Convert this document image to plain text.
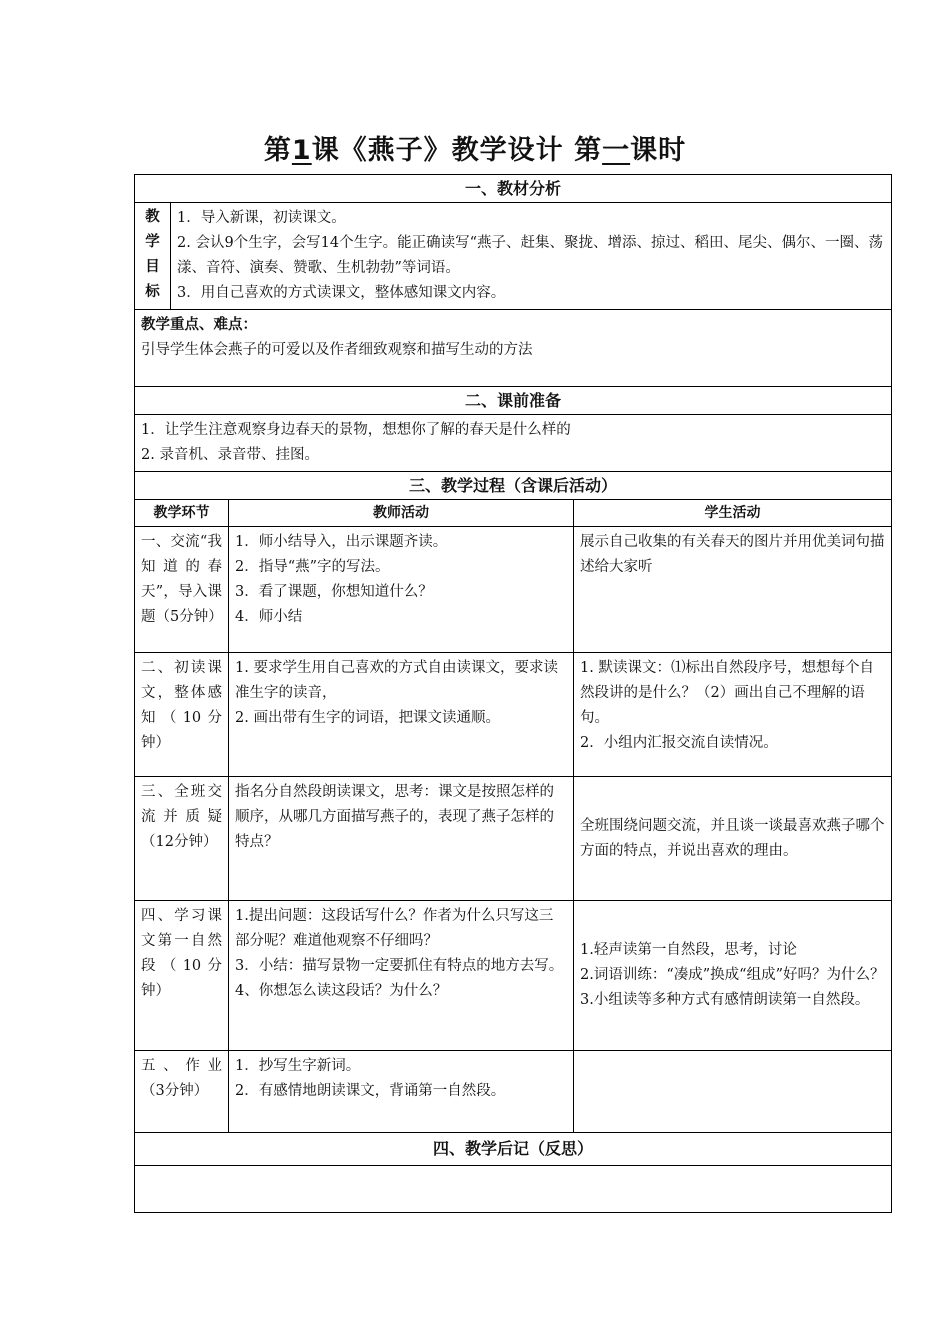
第1课《燕子》教学设计 第一课时
一、教材分析			

教
学
目
标	1．导入新课，初读课文。
2. 会认9个生字，会写14个生字。能正确读写“燕子、赶集、聚拢、增添、掠过、稻田、尾尖、偶尔、一圈、荡漾、音符、演奏、赞歌、生机勃勃”等词语。
3．用自己喜欢的方式读课文，整体感知课文内容。		

教学重点、难点：
引导学生体会燕子的可爱以及作者细致观察和描写生动的方法			

二、课前准备			

1．让学生注意观察身边春天的景物，想想你了解的春天是什么样的
2. 录音机、录音带、挂图。			

三、教学过程（含课后活动）			
教学环节		教师活动	学生活动
一、交流“我知道的春天”，导入课题（5分钟）		1．师小结导入，出示课题齐读。
2．指导“燕”字的写法。
3．看了课题，你想知道什么？
4．师小结	展示自己收集的有关春天的图片并用优美词句描述给大家听

二、初读课文，整体感知（10分钟）		1. 要求学生用自己喜欢的方式自由读课文，要求读准生字的读音，
2. 画出带有生字的词语，把课文读通顺。	1. 默读课文：⑴标出自然段序号，想想每个自然段讲的是什么？（2）画出自己不理解的语句。
2．小组内汇报交流自读情况。

三、全班交流并质疑（12分钟）		指名分自然段朗读课文，思考：课文是按照怎样的顺序，从哪几方面描写燕子的，表现了燕子怎样的特点？	全班围绕问题交流，并且谈一谈最喜欢燕子哪个方面的特点，并说出喜欢的理由。

四、学习课文第一自然段（10分钟）		1.提出问题：这段话写什么？作者为什么只写这三部分呢？难道他观察不仔细吗？
3．小结：描写景物一定要抓住有特点的地方去写。
4、你想怎么读这段话？为什么？	1.轻声读第一自然段，思考，讨论
2.词语训练：“凑成”换成“组成”好吗？为什么？
3.小组读等多种方式有感情朗读第一自然段。

五、作业（3分钟）		1．抄写生字新词。
2．有感情地朗读课文，背诵第一自然段。	

四、教学后记（反思）			
